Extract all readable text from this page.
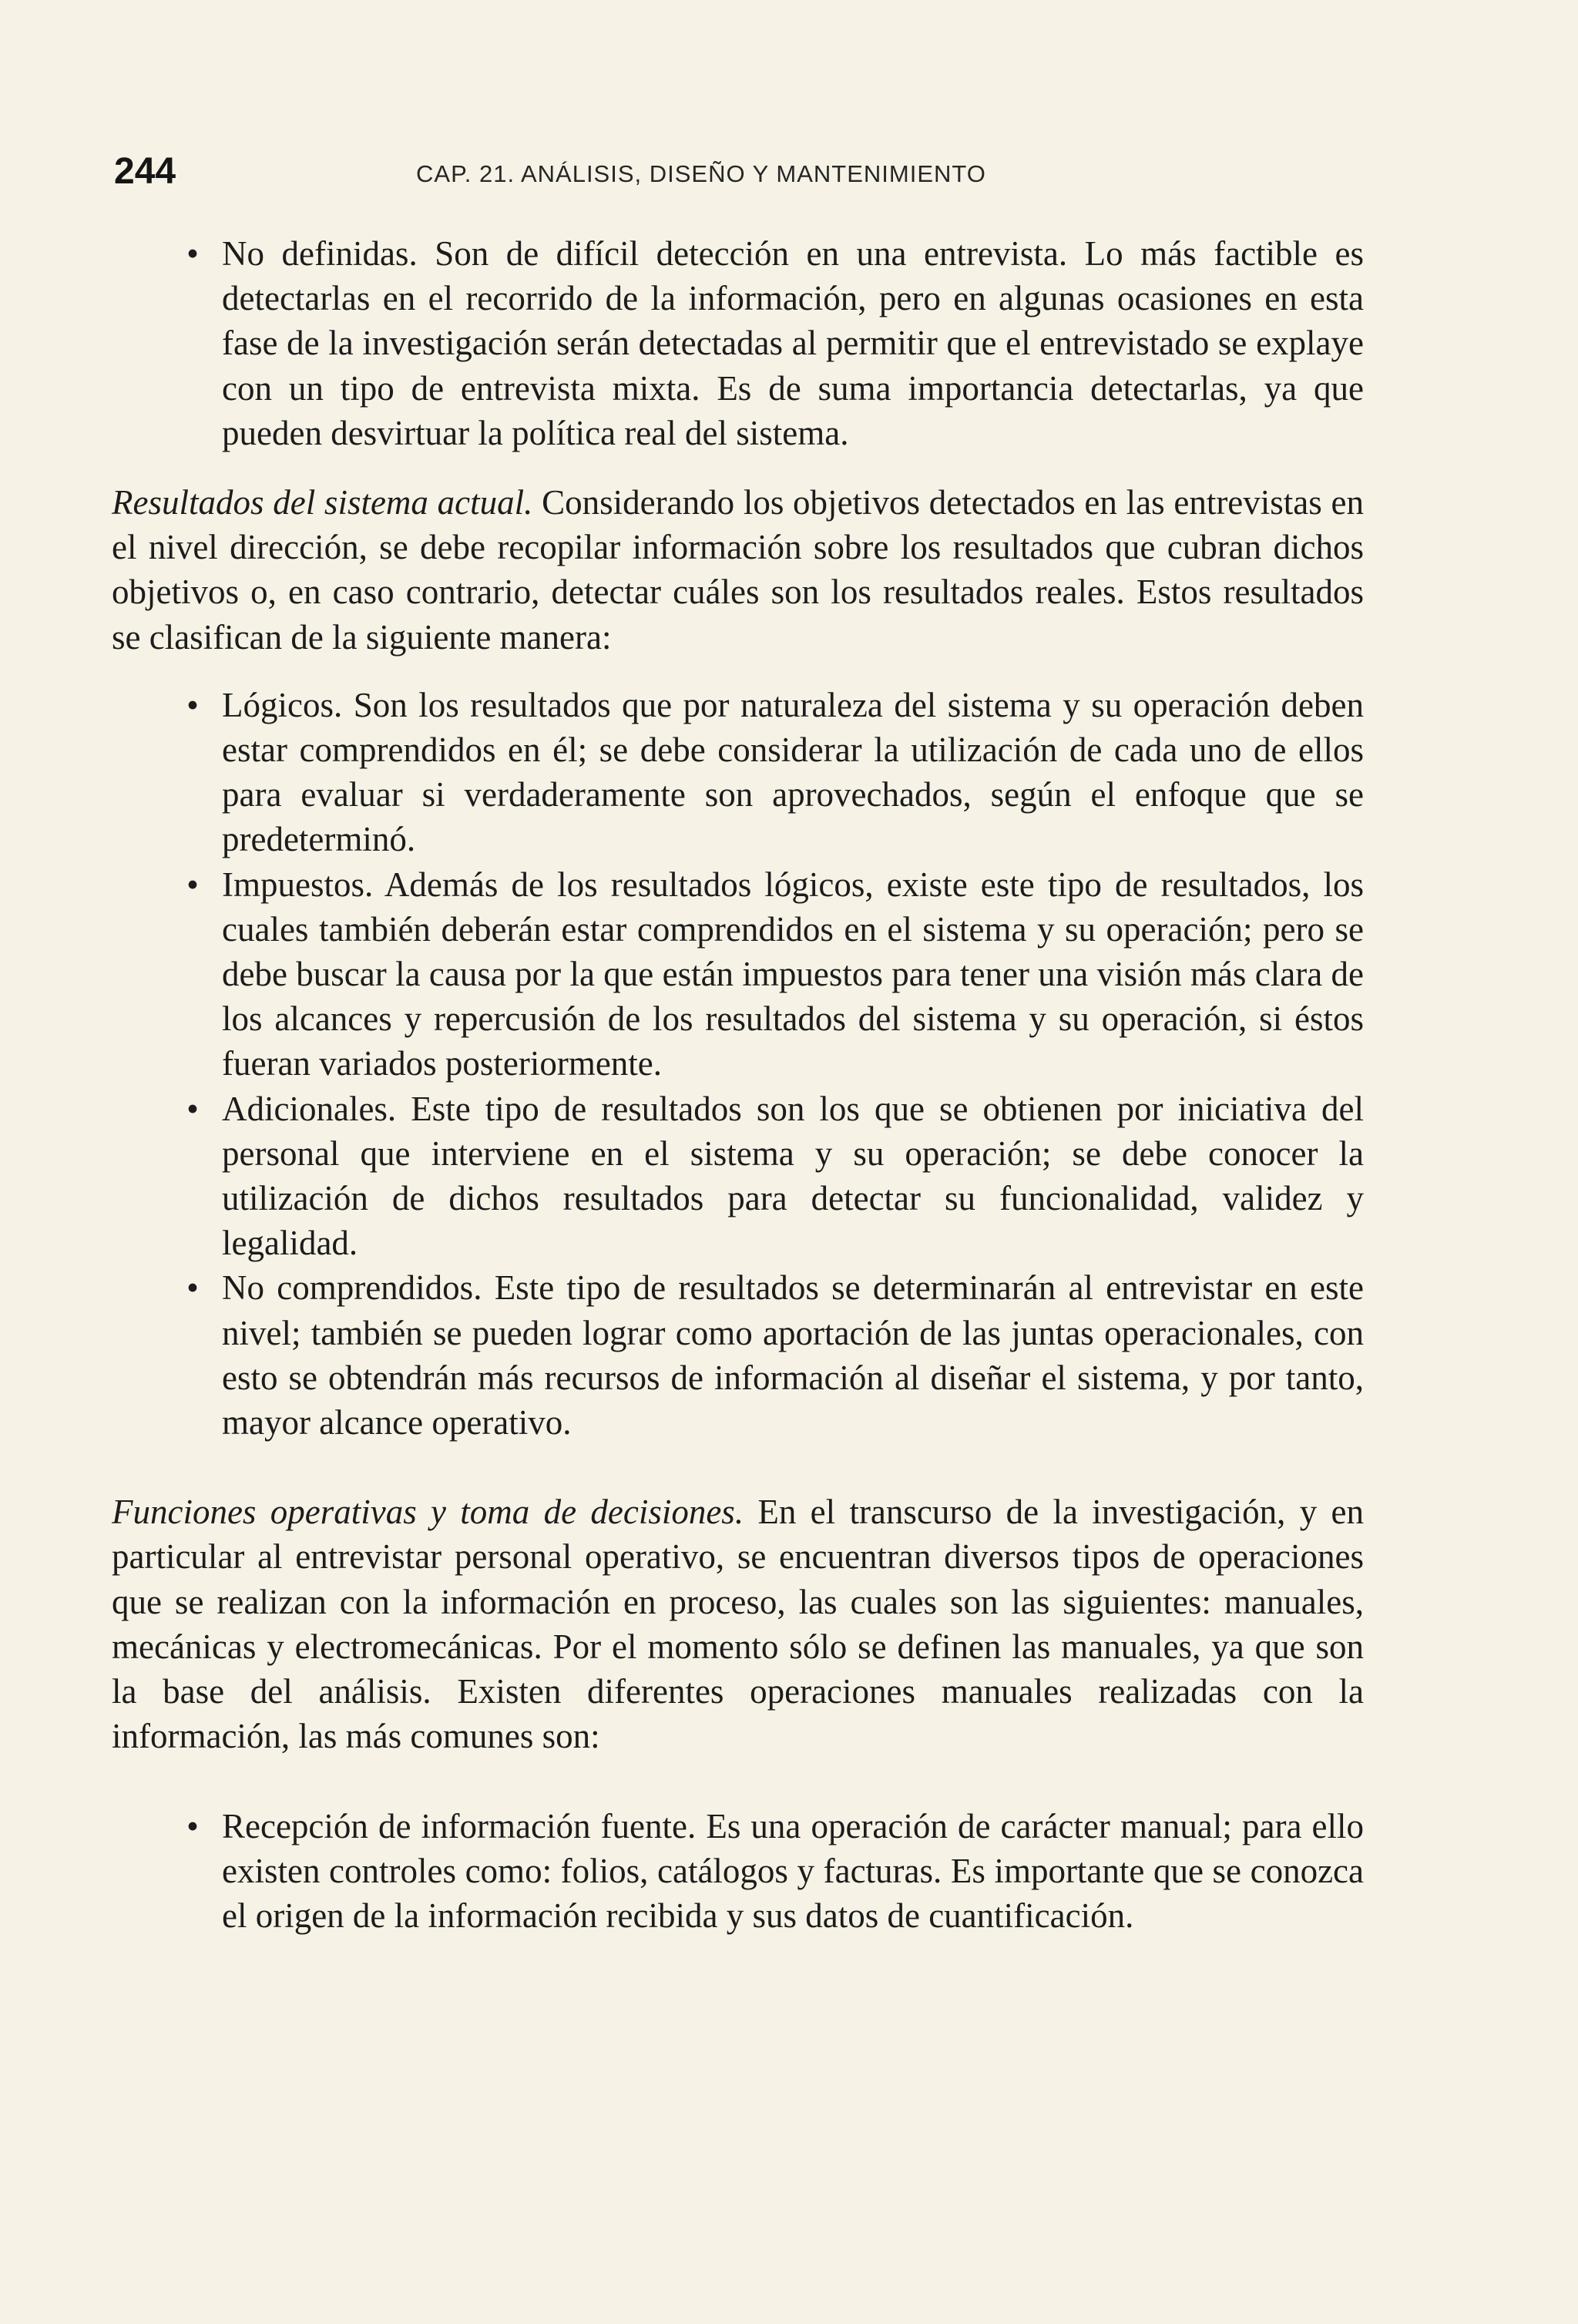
244	CAP. 21. ANÁLISIS, DISEÑO Y MANTENIMIENTO
• No definidas. Son de difícil detección en una entrevista. Lo más factible es detectarlas en el recorrido de la información, pero en algunas ocasiones en esta fase de la investigación serán detectadas al permitir que el entrevistado se explaye con un tipo de entrevista mixta. Es de suma importancia detectarlas, ya que pueden desvirtuar la política real del sistema.

Resultados del sistema actual. Considerando los objetivos detectados en las entrevistas en el nivel dirección, se debe recopilar información sobre los resultados que cubran dichos objetivos o, en caso contrario, detectar cuáles son los resultados reales. Estos resultados se clasifican de la siguiente manera:

• Lógicos. Son los resultados que por naturaleza del sistema y su operación deben estar comprendidos en él; se debe considerar la utilización de cada uno de ellos para evaluar si verdaderamente son aprovechados, según el enfoque que se predeterminó.
• Impuestos. Además de los resultados lógicos, existe este tipo de resultados, los cuales también deberán estar comprendidos en el sistema y su operación; pero se debe buscar la causa por la que están impuestos para tener una visión más clara de los alcances y repercusión de los resultados del sistema y su operación, si éstos fueran variados posteriormente.
• Adicionales. Este tipo de resultados son los que se obtienen por iniciativa del personal que interviene en el sistema y su operación; se debe conocer la utilización de dichos resultados para detectar su funcionalidad, validez y legalidad.
• No comprendidos. Este tipo de resultados se determinarán al entrevistar en este nivel; también se pueden lograr como aportación de las juntas operacionales, con esto se obtendrán más recursos de información al diseñar el sistema, y por tanto, mayor alcance operativo.

Funciones operativas y toma de decisiones. En el transcurso de la investigación, y en particular al entrevistar personal operativo, se encuentran diversos tipos de operaciones que se realizan con la información en proceso, las cuales son las siguientes: manuales, mecánicas y electromecánicas. Por el momento sólo se definen las manuales, ya que son la base del análisis. Existen diferentes operaciones manuales realizadas con la información, las más comunes son:

• Recepción de información fuente. Es una operación de carácter manual; para ello existen controles como: folios, catálogos y facturas. Es importante que se conozca el origen de la información recibida y sus datos de cuantificación.
